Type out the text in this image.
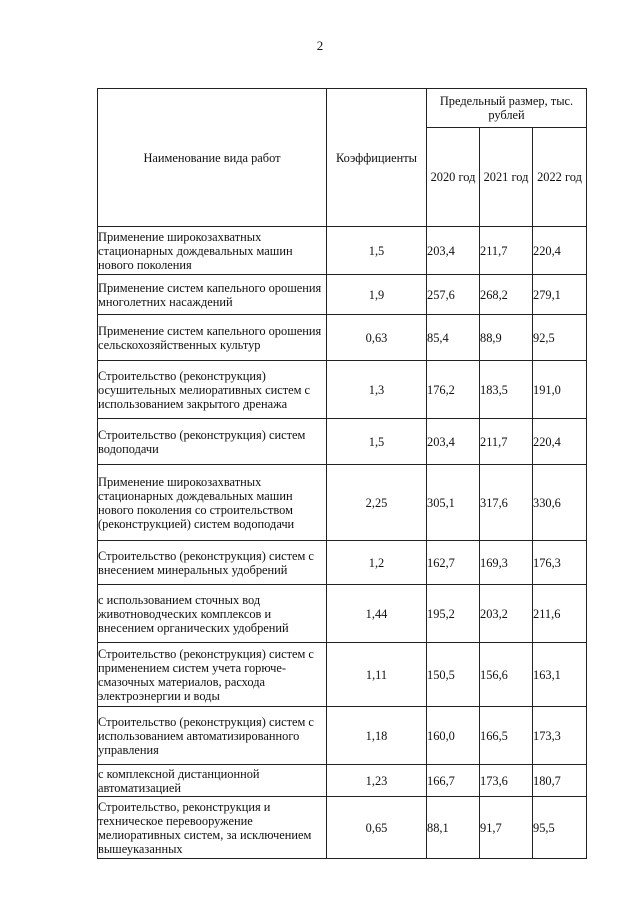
2
Наименование вида работ	Коэффициенты	Предельный размер, тыс. рублей		
		2020 год	2021 год	2022 год
Применение широкозахватных стационарных дождевальных машин нового поколения	1,5	203,4	211,7	220,4
Применение систем капельного орошения многолетних насаждений	1,9	257,6	268,2	279,1
Применение систем капельного орошения сельскохозяйственных культур	0,63	85,4	88,9	92,5
Строительство (реконструкция) осушительных мелиоративных систем с использованием закрытого дренажа	1,3	176,2	183,5	191,0
Строительство (реконструкция) систем водоподачи	1,5	203,4	211,7	220,4
Применение широкозахватных стационарных дождевальных машин нового поколения со строительством (реконструкцией) систем водоподачи	2,25	305,1	317,6	330,6
Строительство (реконструкция) систем с внесением минеральных удобрений	1,2	162,7	169,3	176,3
с использованием сточных вод животноводческих комплексов и внесением органических удобрений	1,44	195,2	203,2	211,6
Строительство (реконструкция) систем с применением систем учета горюче-смазочных материалов, расхода электроэнергии и воды	1,11	150,5	156,6	163,1
Строительство (реконструкция) систем с использованием автоматизированного управления	1,18	160,0	166,5	173,3
с комплексной дистанционной автоматизацией	1,23	166,7	173,6	180,7
Строительство, реконструкция и техническое перевооружение мелиоративных систем, за исключением вышеуказанных	0,65	88,1	91,7	95,5
